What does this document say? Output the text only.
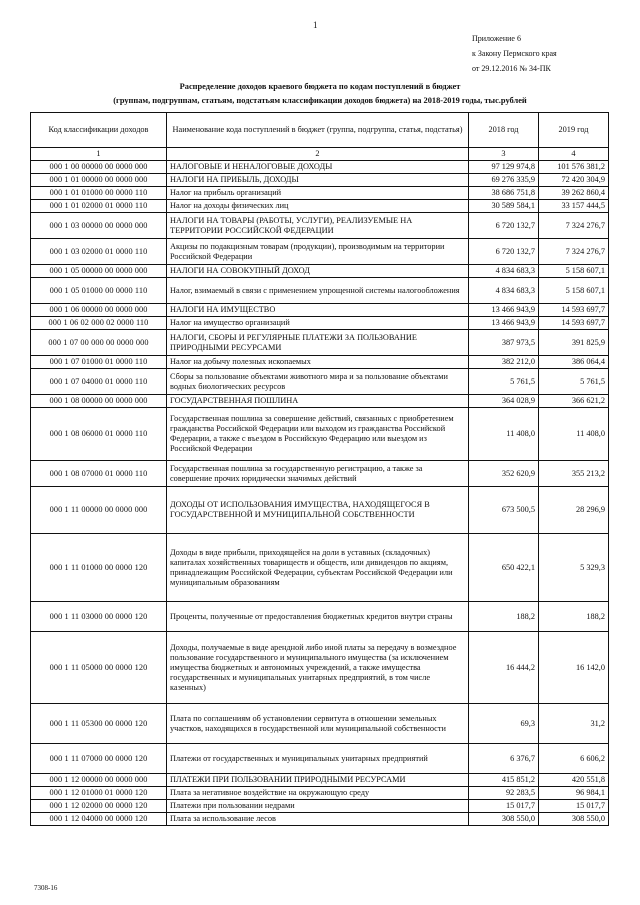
1
Приложение 6
к Закону Пермского края
от 29.12.2016 № 34-ПК
Распределение доходов краевого бюджета по кодам поступлений в бюджет
(группам, подгруппам, статьям, подстатьям классификации доходов бюджета) на 2018-2019 годы, тыс.рублей
Код классификации доходов	Наименование кода поступлений в бюджет (группа, подгруппа, статья, подстатья)	2018 год	2019 год
1	2	3	4
000 1 00 00000 00 0000 000	НАЛОГОВЫЕ И НЕНАЛОГОВЫЕ ДОХОДЫ	97 129 974,8	101 576 381,2
000 1 01 00000 00 0000 000	НАЛОГИ НА ПРИБЫЛЬ, ДОХОДЫ	69 276 335,9	72 420 304,9
000 1 01 01000 00 0000 110	Налог на прибыль организаций	38 686 751,8	39 262 860,4
000 1 01 02000 01 0000 110	Налог на доходы физических лиц	30 589 584,1	33 157 444,5
000 1 03 00000 00 0000 000	НАЛОГИ НА ТОВАРЫ (РАБОТЫ, УСЛУГИ), РЕАЛИЗУЕМЫЕ НА ТЕРРИТОРИИ РОССИЙСКОЙ ФЕДЕРАЦИИ	6 720 132,7	7 324 276,7
000 1 03 02000 01 0000 110	Акцизы по подакцизным товарам (продукции), производимым на территории Российской Федерации	6 720 132,7	7 324 276,7
000 1 05 00000 00 0000 000	НАЛОГИ НА СОВОКУПНЫЙ ДОХОД	4 834 683,3	5 158 607,1
000 1 05 01000 00 0000 110	Налог, взимаемый в связи с применением упрощенной системы налогообложения	4 834 683,3	5 158 607,1
000 1 06 00000 00 0000 000	НАЛОГИ НА ИМУЩЕСТВО	13 466 943,9	14 593 697,7
000 1 06 02 000 02 0000 110	Налог на имущество организаций	13 466 943,9	14 593 697,7
000 1 07 00 000 00 0000 000	НАЛОГИ, СБОРЫ И РЕГУЛЯРНЫЕ ПЛАТЕЖИ ЗА ПОЛЬЗОВАНИЕ ПРИРОДНЫМИ РЕСУРСАМИ	387 973,5	391 825,9
000 1 07 01000 01 0000 110	Налог на добычу полезных ископаемых	382 212,0	386 064,4
000 1 07 04000 01 0000 110	Сборы за пользование объектами животного мира и за пользование объектами водных биологических ресурсов	5 761,5	5 761,5
000 1 08 00000 00 0000 000	ГОСУДАРСТВЕННАЯ ПОШЛИНА	364 028,9	366 621,2
000 1 08 06000 01 0000 110	Государственная пошлина за совершение действий, связанных с приобретением гражданства Российской Федерации или выходом из гражданства Российской Федерации, а также с въездом в Российскую Федерацию или выездом из Российской Федерации	11 408,0	11 408,0
000 1 08 07000 01 0000 110	Государственная пошлина за государственную регистрацию, а также за совершение прочих юридически значимых действий	352 620,9	355 213,2
000 1 11 00000 00 0000 000	ДОХОДЫ ОТ ИСПОЛЬЗОВАНИЯ ИМУЩЕСТВА, НАХОДЯЩЕГОСЯ В ГОСУДАРСТВЕННОЙ И МУНИЦИПАЛЬНОЙ СОБСТВЕННОСТИ	673 500,5	28 296,9
000 1 11 01000 00 0000 120	Доходы в виде прибыли, приходящейся на доли в уставных (складочных) капиталах хозяйственных товариществ и обществ, или дивидендов по акциям, принадлежащим Российской Федерации, субъектам Российской Федерации или муниципальным образованиям	650 422,1	5 329,3
000 1 11 03000 00 0000 120	Проценты, полученные от предоставления бюджетных кредитов внутри страны	188,2	188,2
000 1 11 05000 00 0000 120	Доходы, получаемые в виде арендной либо иной платы за передачу в возмездное пользование государственного и муниципального имущества (за исключением имущества бюджетных и автономных учреждений, а также имущества государственных и муниципальных унитарных предприятий, в том числе казенных)	16 444,2	16 142,0
000 1 11 05300 00 0000 120	Плата по соглашениям об установлении сервитута в отношении земельных участков, находящихся в государственной или муниципальной собственности	69,3	31,2
000 1 11 07000 00 0000 120	Платежи от государственных и муниципальных унитарных предприятий	6 376,7	6 606,2
000 1 12 00000 00 0000 000	ПЛАТЕЖИ ПРИ ПОЛЬЗОВАНИИ ПРИРОДНЫМИ РЕСУРСАМИ	415 851,2	420 551,8
000 1 12 01000 01 0000 120	Плата за негативное воздействие на окружающую среду	92 283,5	96 984,1
000 1 12 02000 00 0000 120	Платежи при пользовании недрами	15 017,7	15 017,7
000 1 12 04000 00 0000 120	Плата за использование лесов	308 550,0	308 550,0
7308-16
